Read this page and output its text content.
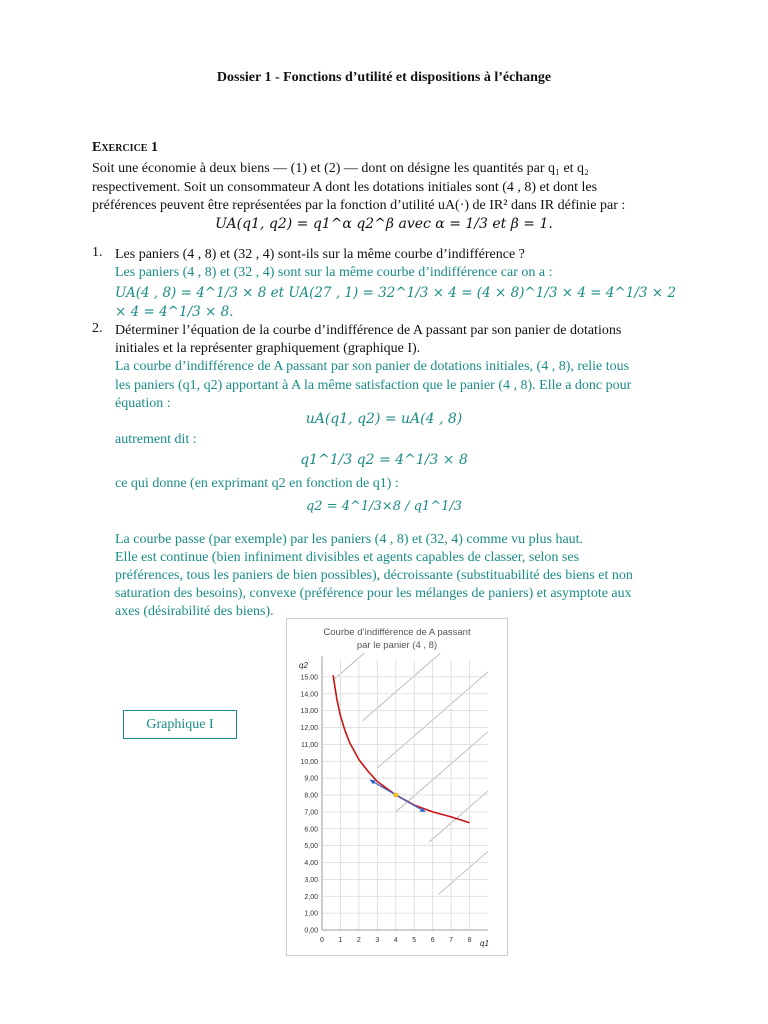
Dossier 1 - Fonctions d’utilité et dispositions à l’échange
Exercice 1
Soit une économie à deux biens — (1) et (2) — dont on désigne les quantités par q₁ et q₂
respectivement. Soit un consommateur A dont les dotations initiales sont (4 , 8) et dont les
préférences peuvent être représentées par la fonction d’utilité uA(·) de IR² dans IR définie par :
UA(q1, q2) = q1^α q2^β avec α = 1/3 et β = 1.
1. Les paniers (4 , 8) et (32 , 4) sont-ils sur la même courbe d’indifférence ?
Les paniers (4 , 8) et (32 , 4) sont sur la même courbe d’indifférence car on a :
UA(4 , 8) = 4^1/3 × 8 et UA(27 , 1) = 32^1/3 × 4 = (4 × 8)^1/3 × 4 = 4^1/3 × 2 × 4 = 4^1/3 × 8.
2. Déterminer l’équation de la courbe d’indifférence de A passant par son panier de dotations
initiales et la représenter graphiquement (graphique I).
La courbe d’indifférence de A passant par son panier de dotations initiales, (4 , 8), relie tous
les paniers (q1, q2) apportant à A la même satisfaction que le panier (4 , 8). Elle a donc pour
équation :
uA(q1, q2) = uA(4 , 8)
autrement dit :
q1^1/3 q2 = 4^1/3 × 8
ce qui donne (en exprimant q2 en fonction de q1) :
q2 = 4^1/3×8 / q1^1/3
La courbe passe (par exemple) par les paniers (4 , 8) et (32, 4) comme vu plus haut.
Elle est continue (bien infiniment divisibles et agents capables de classer, selon ses
préférences, tous les paniers de bien possibles), décroissante (substituabilité des biens et non
saturation des besoins), convexe (préférence pour les mélanges de paniers) et asymptote aux
axes (désirabilité des biens).
Graphique I
Courbe d’indifférence de A passant
par le panier (4 , 8)
q2
q1
0,00
1,00
2,00
3,00
4,00
5,00
6,00
7,00
8,00
9,00
10,00
11,00
12,00
13,00
14,00
15,00
0 1 2 3 4 5 6 7 8
